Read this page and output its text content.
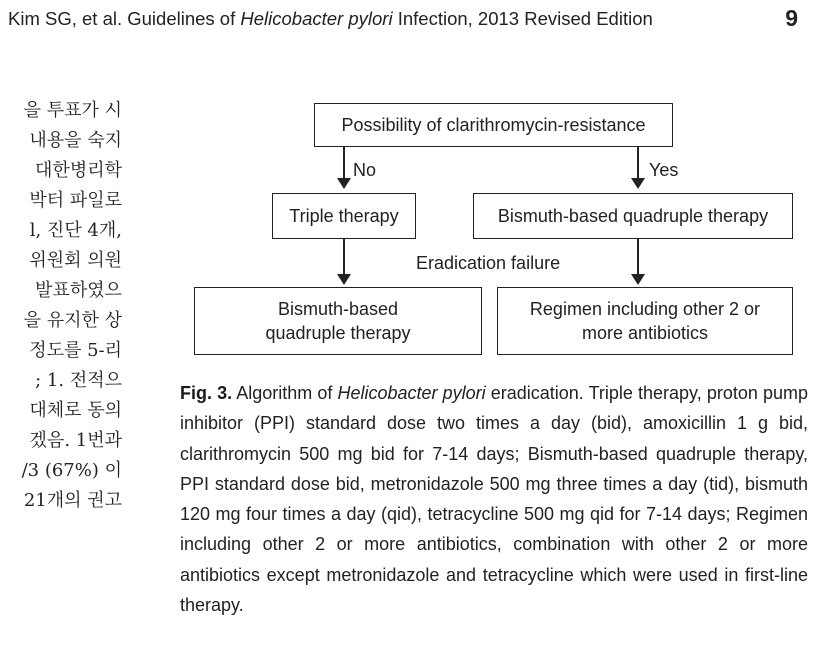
Kim SG, et al. Guidelines of Helicobacter pylori Infection, 2013 Revised Edition	9
을 투표가 시
내용을 숙지
대한병리학
박터 파일로
l, 진단 4개,
위원회 의원
발표하였으
을 유지한 상
정도를 5-리
; 1. 전적으
대체로 동의
겠음. 1번과
/3 (67%) 이
21개의 권고
Possibility of clarithromycin-resistance
No	Yes
Triple therapy	Bismuth-based quadruple therapy
Eradication failure
Bismuth-based
quadruple therapy
Regimen including other 2 or
more antibiotics
Fig. 3. Algorithm of Helicobacter pylori eradication. Triple therapy, proton pump inhibitor (PPI) standard dose two times a day (bid), amoxicillin 1 g bid, clarithromycin 500 mg bid for 7-14 days; Bismuth-based quadruple therapy, PPI standard dose bid, metronidazole 500 mg three times a day (tid), bismuth 120 mg four times a day (qid), tetracycline 500 mg qid for 7-14 days; Regimen including other 2 or more antibiotics, combination with other 2 or more antibiotics except metronidazole and tetracycline which were used in first-line therapy.
